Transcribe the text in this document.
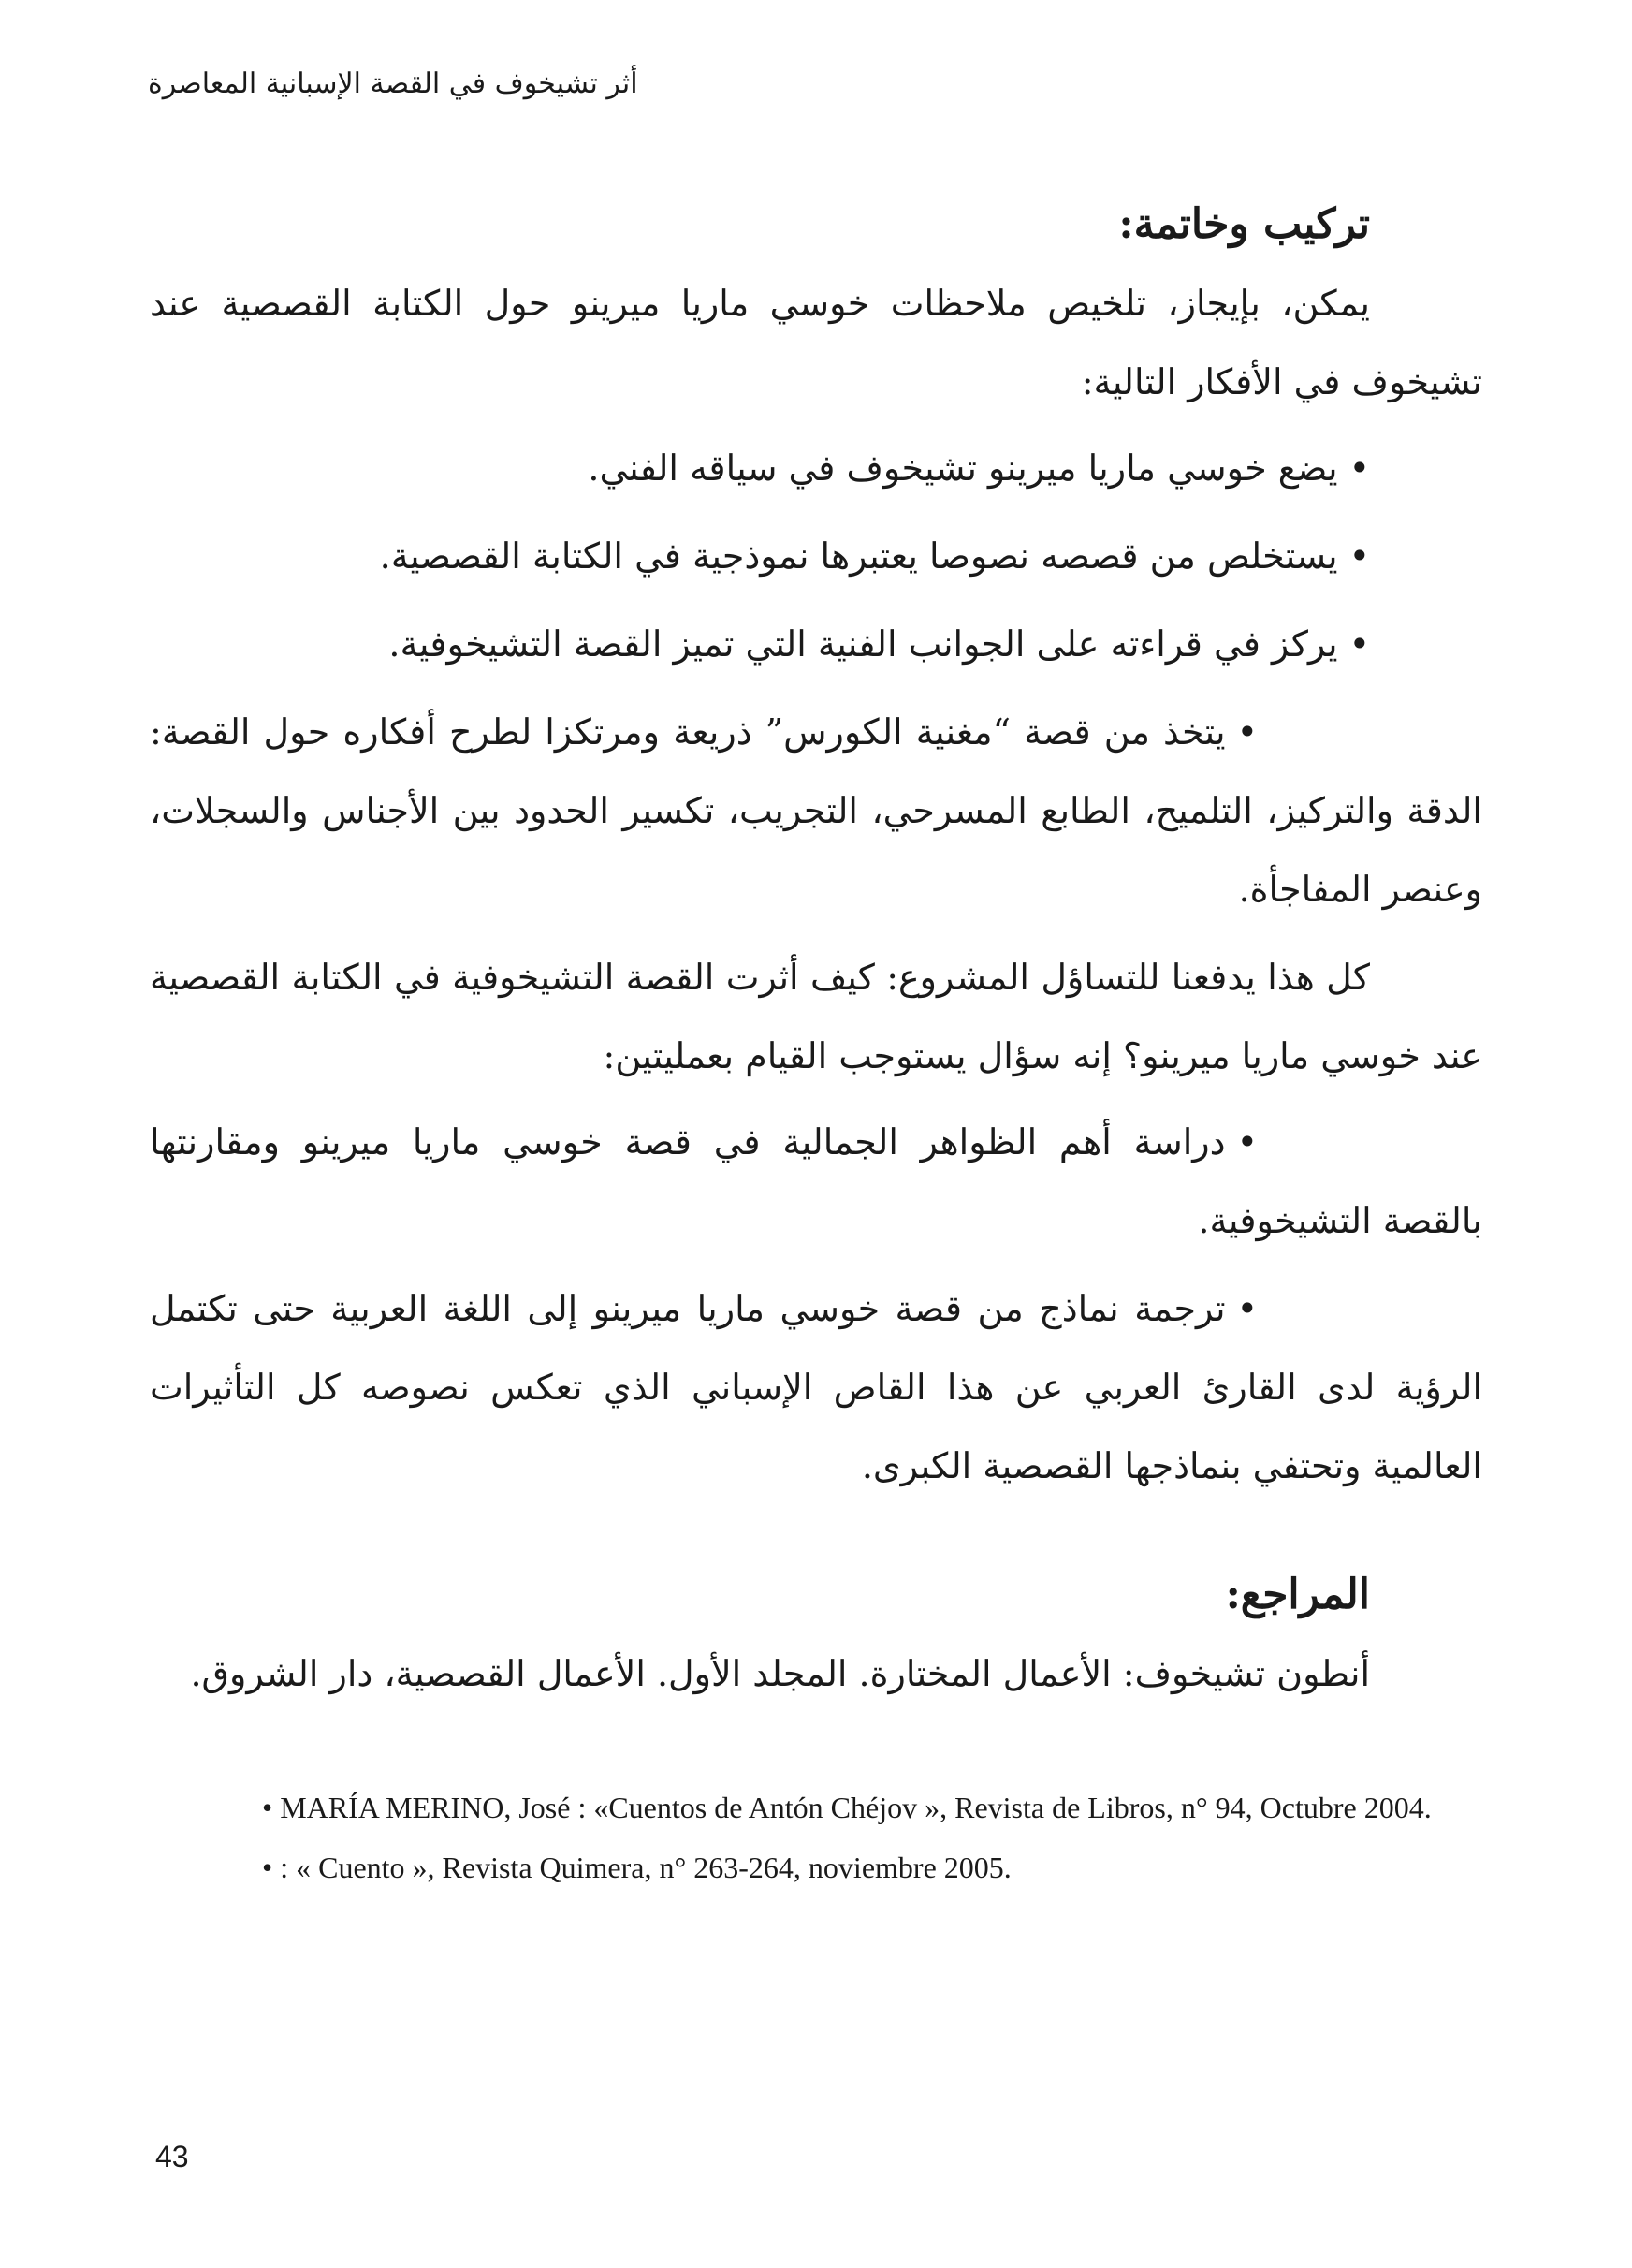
أثر تشيخوف في القصة الإسبانية المعاصرة

تركيب وخاتمة:

يمكن، بإيجاز، تلخيص ملاحظات خوسي ماريا ميرينو حول الكتابة القصصية عند تشيخوف في الأفكار التالية:

•يضع خوسي ماريا ميرينو تشيخوف في سياقه الفني.
•يستخلص من قصصه نصوصا يعتبرها نموذجية في الكتابة القصصية.
•يركز في قراءته على الجوانب الفنية التي تميز القصة التشيخوفية.
•يتخذ من قصة “مغنية الكورس” ذريعة ومرتكزا لطرح أفكاره حول القصة: الدقة والتركيز، التلميح، الطابع المسرحي، التجريب، تكسير الحدود بين الأجناس والسجلات، وعنصر المفاجأة.

كل هذا يدفعنا للتساؤل المشروع: كيف أثرت القصة التشيخوفية في الكتابة القصصية عند خوسي ماريا ميرينو؟ إنه سؤال يستوجب القيام بعمليتين:

•دراسة أهم الظواهر الجمالية في قصة خوسي ماريا ميرينو ومقارنتها بالقصة التشيخوفية.
•ترجمة نماذج من قصة خوسي ماريا ميرينو إلى اللغة العربية حتى تكتمل الرؤية لدى القارئ العربي عن هذا القاص الإسباني الذي تعكس نصوصه كل التأثيرات العالمية وتحتفي بنماذجها القصصية الكبرى.

المراجع:

أنطون تشيخوف: الأعمال المختارة. المجلد الأول. الأعمال القصصية، دار الشروق.

• MARÍA MERINO, José : «Cuentos de Antón Chéjov », Revista de Libros, n° 94, Octubre 2004.

• : « Cuento », Revista Quimera, n° 263-264, noviembre 2005.

43
